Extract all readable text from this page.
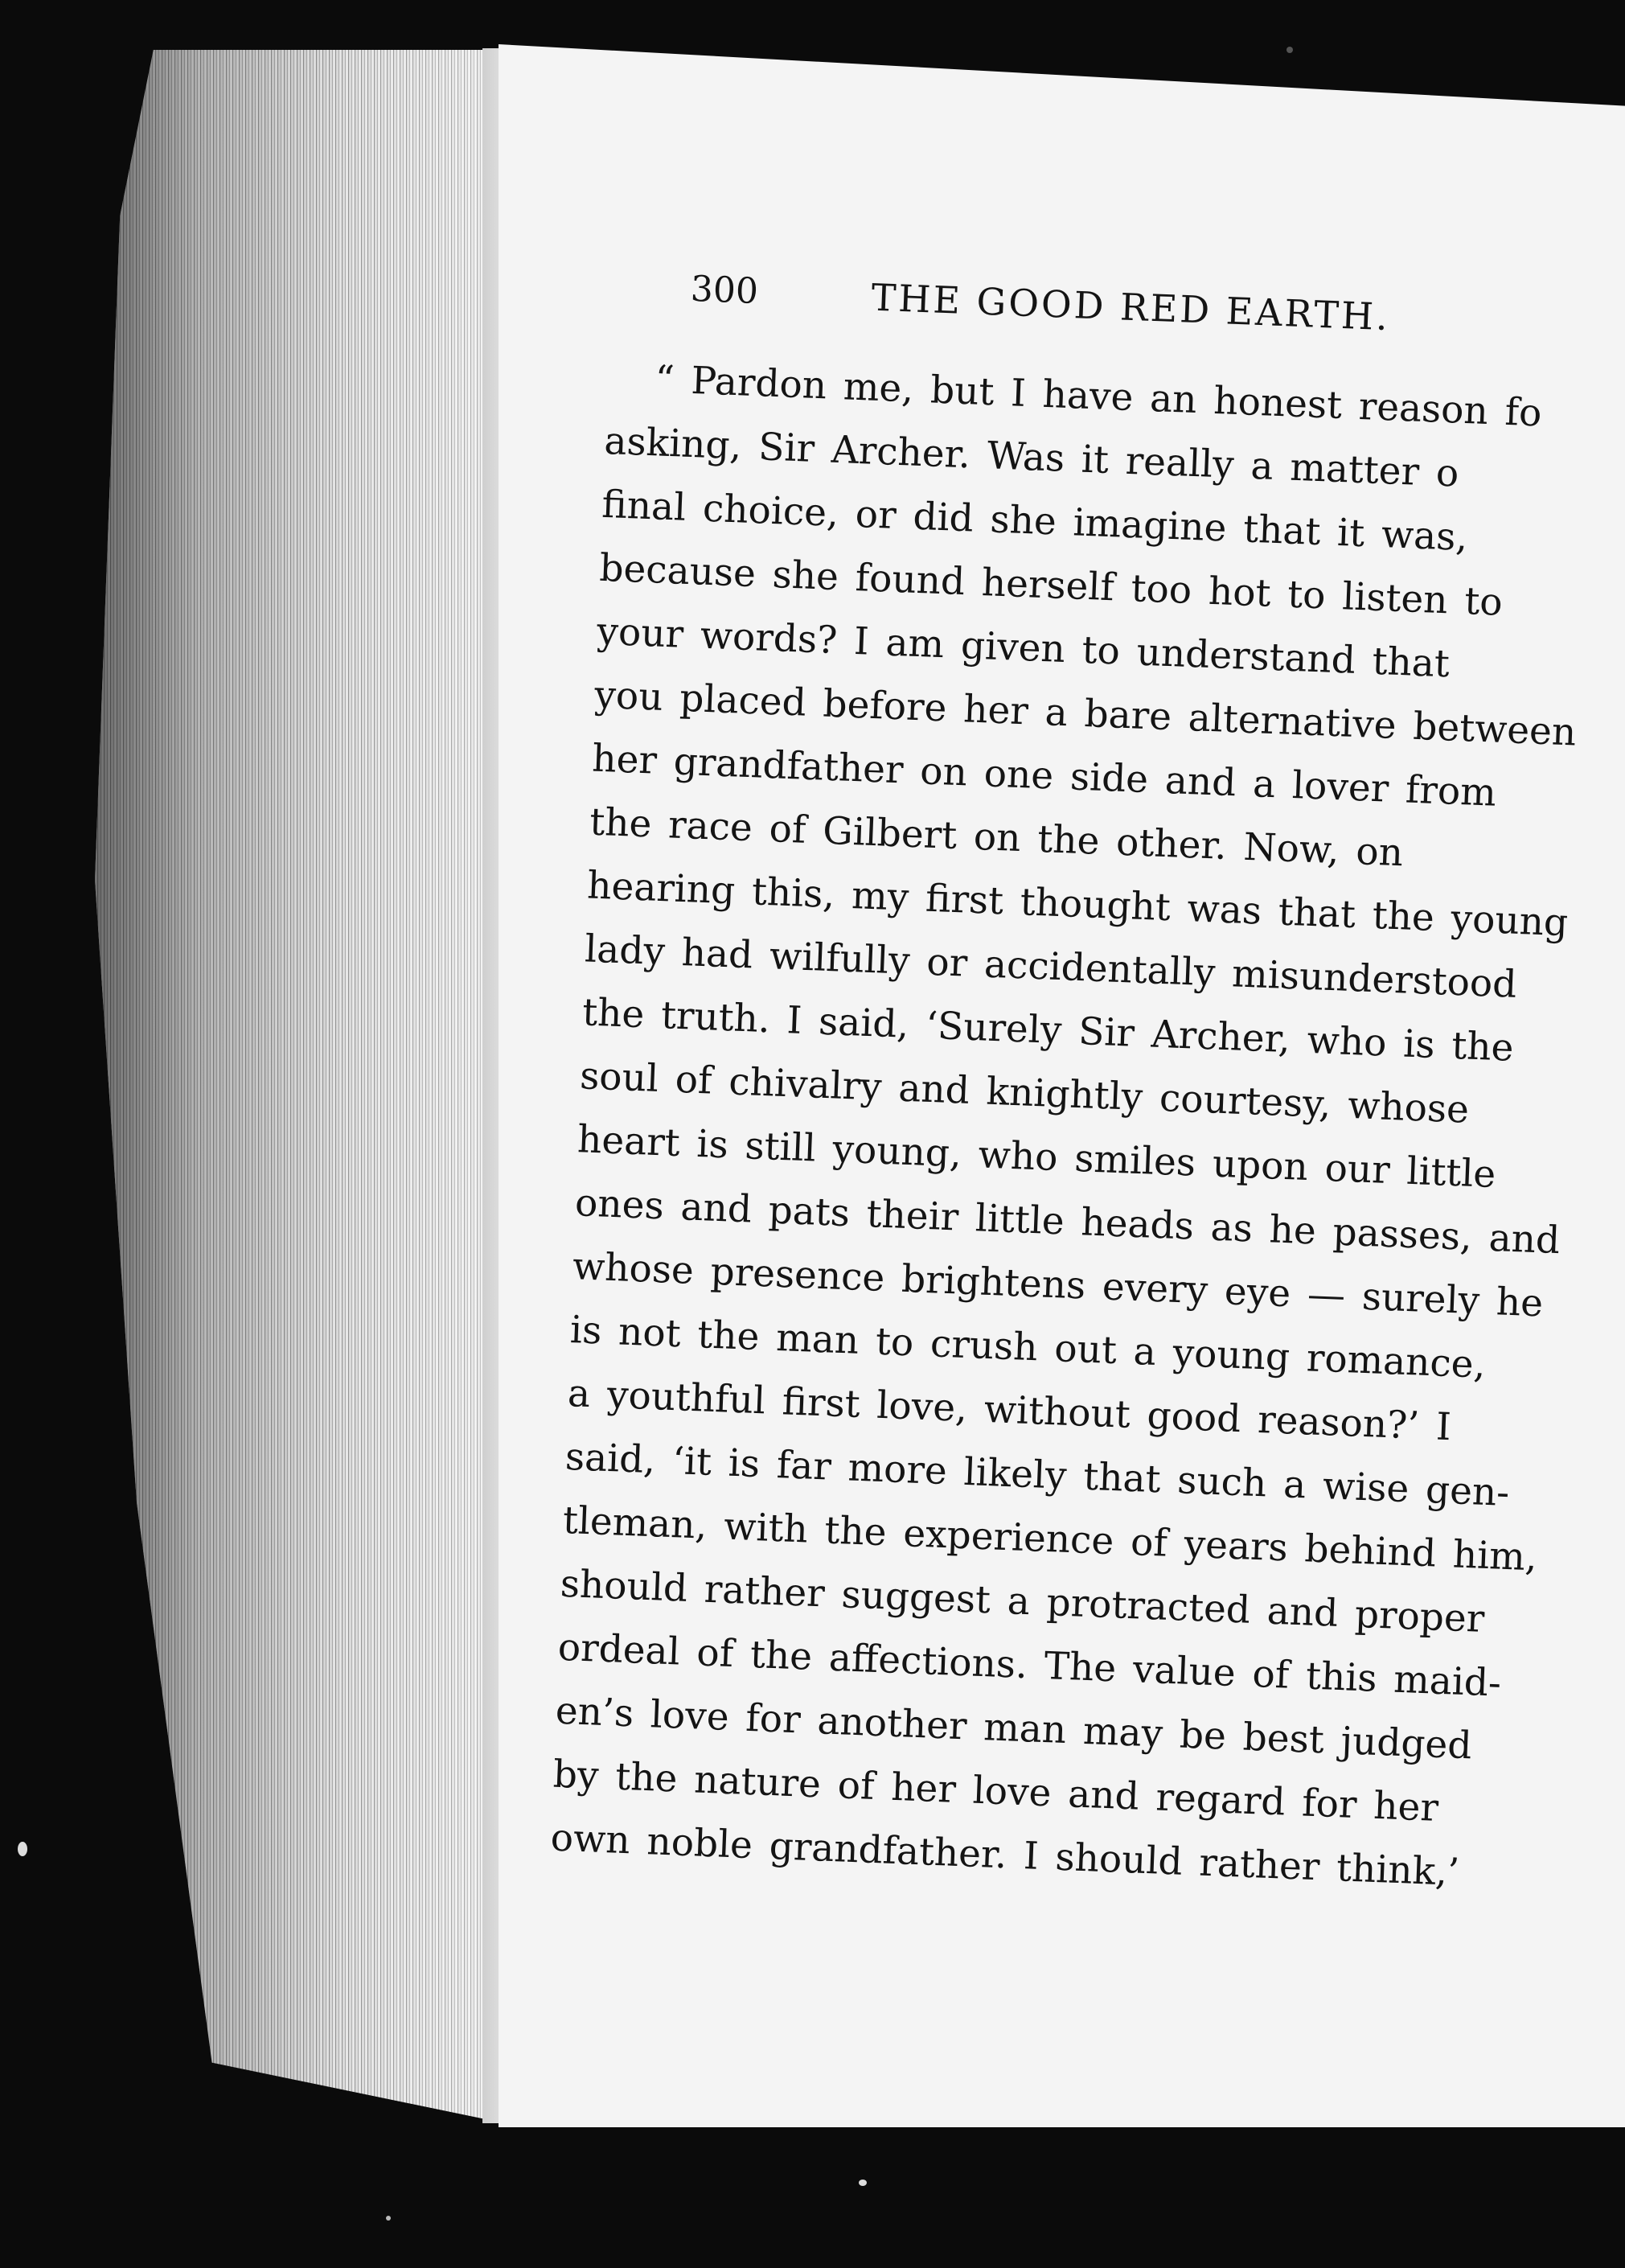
300	THE GOOD RED EARTH.
“ Pardon me, but I have an honest reason fo
asking, Sir Archer. Was it really a matter o
final choice, or did she imagine that it was,
because she found herself too hot to listen to
your words? I am given to understand that
you placed before her a bare alternative between
her grandfather on one side and a lover from
the race of Gilbert on the other. Now, on
hearing this, my first thought was that the young
lady had wilfully or accidentally misunderstood
the truth. I said, ‘Surely Sir Archer, who is the
soul of chivalry and knightly courtesy, whose
heart is still young, who smiles upon our little
ones and pats their little heads as he passes, and
whose presence brightens every eye — surely he
is not the man to crush out a young romance,
a youthful first love, without good reason?’ I
said, ‘it is far more likely that such a wise gen-
tleman, with the experience of years behind him,
should rather suggest a protracted and proper
ordeal of the affections. The value of this maid-
en’s love for another man may be best judged
by the nature of her love and regard for her
own noble grandfather. I should rather think,’
